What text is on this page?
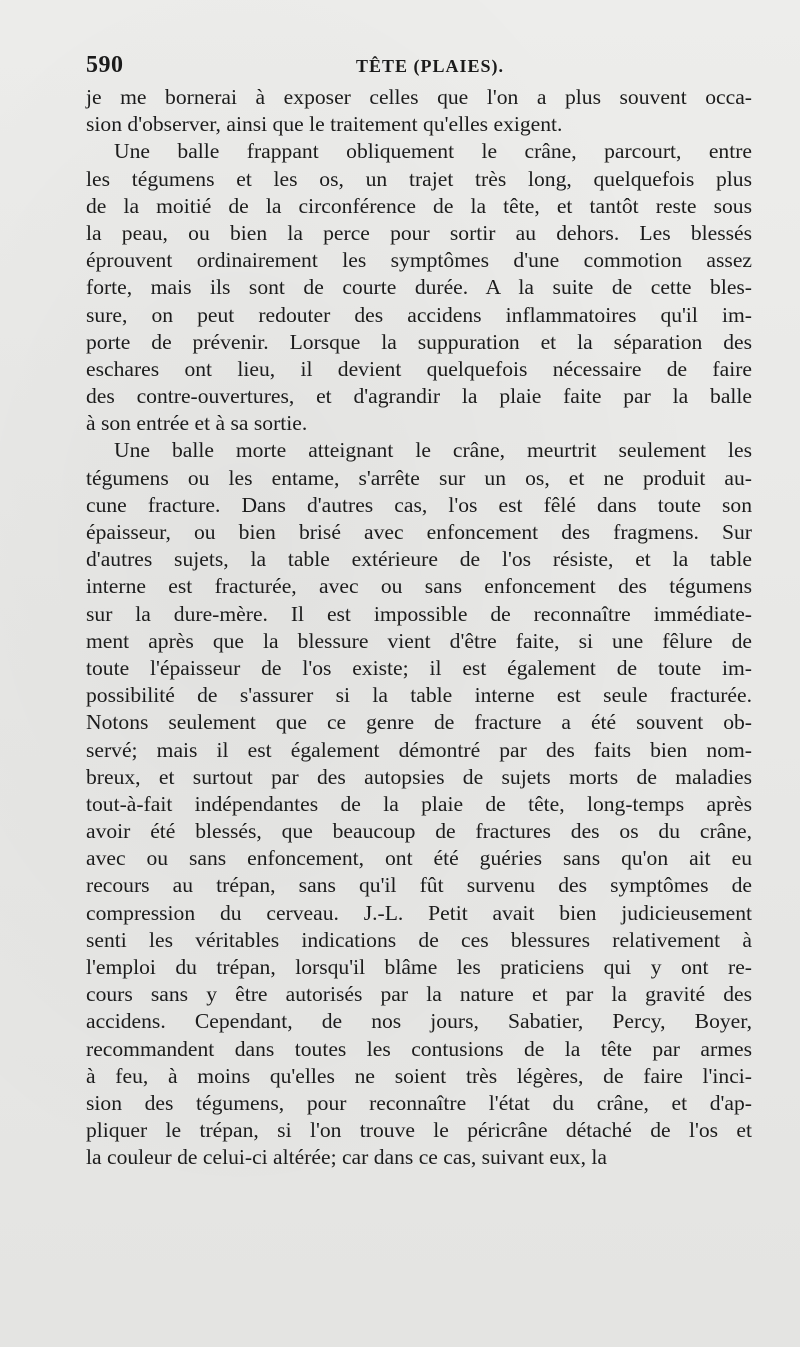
590	TÊTE (PLAIES).
je me bornerai à exposer celles que l'on a plus souvent occa-
sion d'observer, ainsi que le traitement qu'elles exigent.
Une balle frappant obliquement le crâne, parcourt, entre
les tégumens et les os, un trajet très long, quelquefois plus
de la moitié de la circonférence de la tête, et tantôt reste sous
la peau, ou bien la perce pour sortir au dehors. Les blessés
éprouvent ordinairement les symptômes d'une commotion assez
forte, mais ils sont de courte durée. A la suite de cette bles-
sure, on peut redouter des accidens inflammatoires qu'il im-
porte de prévenir. Lorsque la suppuration et la séparation des
eschares ont lieu, il devient quelquefois nécessaire de faire
des contre-ouvertures, et d'agrandir la plaie faite par la balle
à son entrée et à sa sortie.
Une balle morte atteignant le crâne, meurtrit seulement les
tégumens ou les entame, s'arrête sur un os, et ne produit au-
cune fracture. Dans d'autres cas, l'os est fêlé dans toute son
épaisseur, ou bien brisé avec enfoncement des fragmens. Sur
d'autres sujets, la table extérieure de l'os résiste, et la table
interne est fracturée, avec ou sans enfoncement des tégumens
sur la dure-mère. Il est impossible de reconnaître immédiate-
ment après que la blessure vient d'être faite, si une fêlure de
toute l'épaisseur de l'os existe; il est également de toute im-
possibilité de s'assurer si la table interne est seule fracturée.
Notons seulement que ce genre de fracture a été souvent ob-
servé; mais il est également démontré par des faits bien nom-
breux, et surtout par des autopsies de sujets morts de maladies
tout-à-fait indépendantes de la plaie de tête, long-temps après
avoir été blessés, que beaucoup de fractures des os du crâne,
avec ou sans enfoncement, ont été guéries sans qu'on ait eu
recours au trépan, sans qu'il fût survenu des symptômes de
compression du cerveau. J.-L. Petit avait bien judicieusement
senti les véritables indications de ces blessures relativement à
l'emploi du trépan, lorsqu'il blâme les praticiens qui y ont re-
cours sans y être autorisés par la nature et par la gravité des
accidens. Cependant, de nos jours, Sabatier, Percy, Boyer,
recommandent dans toutes les contusions de la tête par armes
à feu, à moins qu'elles ne soient très légères, de faire l'inci-
sion des tégumens, pour reconnaître l'état du crâne, et d'ap-
pliquer le trépan, si l'on trouve le péricrâne détaché de l'os et
la couleur de celui-ci altérée; car dans ce cas, suivant eux, la
